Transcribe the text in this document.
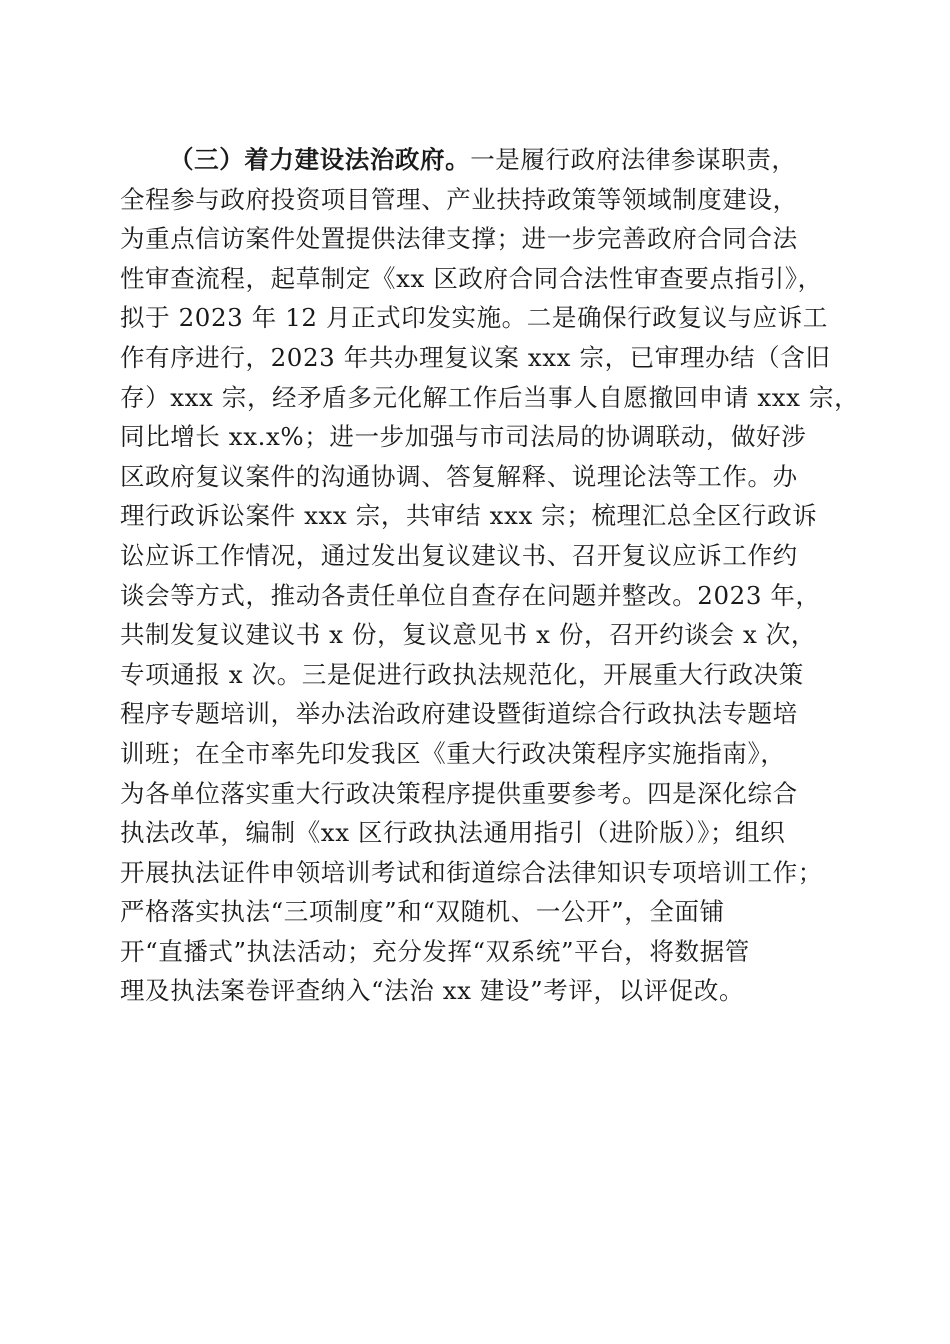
（三）着力建设法治政府。一是履行政府法律参谋职责，
全程参与政府投资项目管理、产业扶持政策等领域制度建设，
为重点信访案件处置提供法律支撑；进一步完善政府合同合法
性审查流程，起草制定《xx 区政府合同合法性审查要点指引》，
拟于 2023 年 12 月正式印发实施。二是确保行政复议与应诉工
作有序进行，2023 年共办理复议案 xxx 宗，已审理办结（含旧
存）xxx 宗，经矛盾多元化解工作后当事人自愿撤回申请 xxx 宗，
同比增长 xx.x%；进一步加强与市司法局的协调联动，做好涉
区政府复议案件的沟通协调、答复解释、说理论法等工作。办
理行政诉讼案件 xxx 宗，共审结 xxx 宗；梳理汇总全区行政诉
讼应诉工作情况，通过发出复议建议书、召开复议应诉工作约
谈会等方式，推动各责任单位自查存在问题并整改。2023 年，
共制发复议建议书 x 份，复议意见书 x 份，召开约谈会 x 次，
专项通报 x 次。三是促进行政执法规范化，开展重大行政决策
程序专题培训，举办法治政府建设暨街道综合行政执法专题培
训班；在全市率先印发我区《重大行政决策程序实施指南》，
为各单位落实重大行政决策程序提供重要参考。四是深化综合
执法改革，编制《xx 区行政执法通用指引（进阶版）》；组织
开展执法证件申领培训考试和街道综合法律知识专项培训工作；
严格落实执法“三项制度”和“双随机、一公开”，全面铺
开“直播式”执法活动；充分发挥“双系统”平台，将数据管
理及执法案卷评查纳入“法治 xx 建设”考评，以评促改。
